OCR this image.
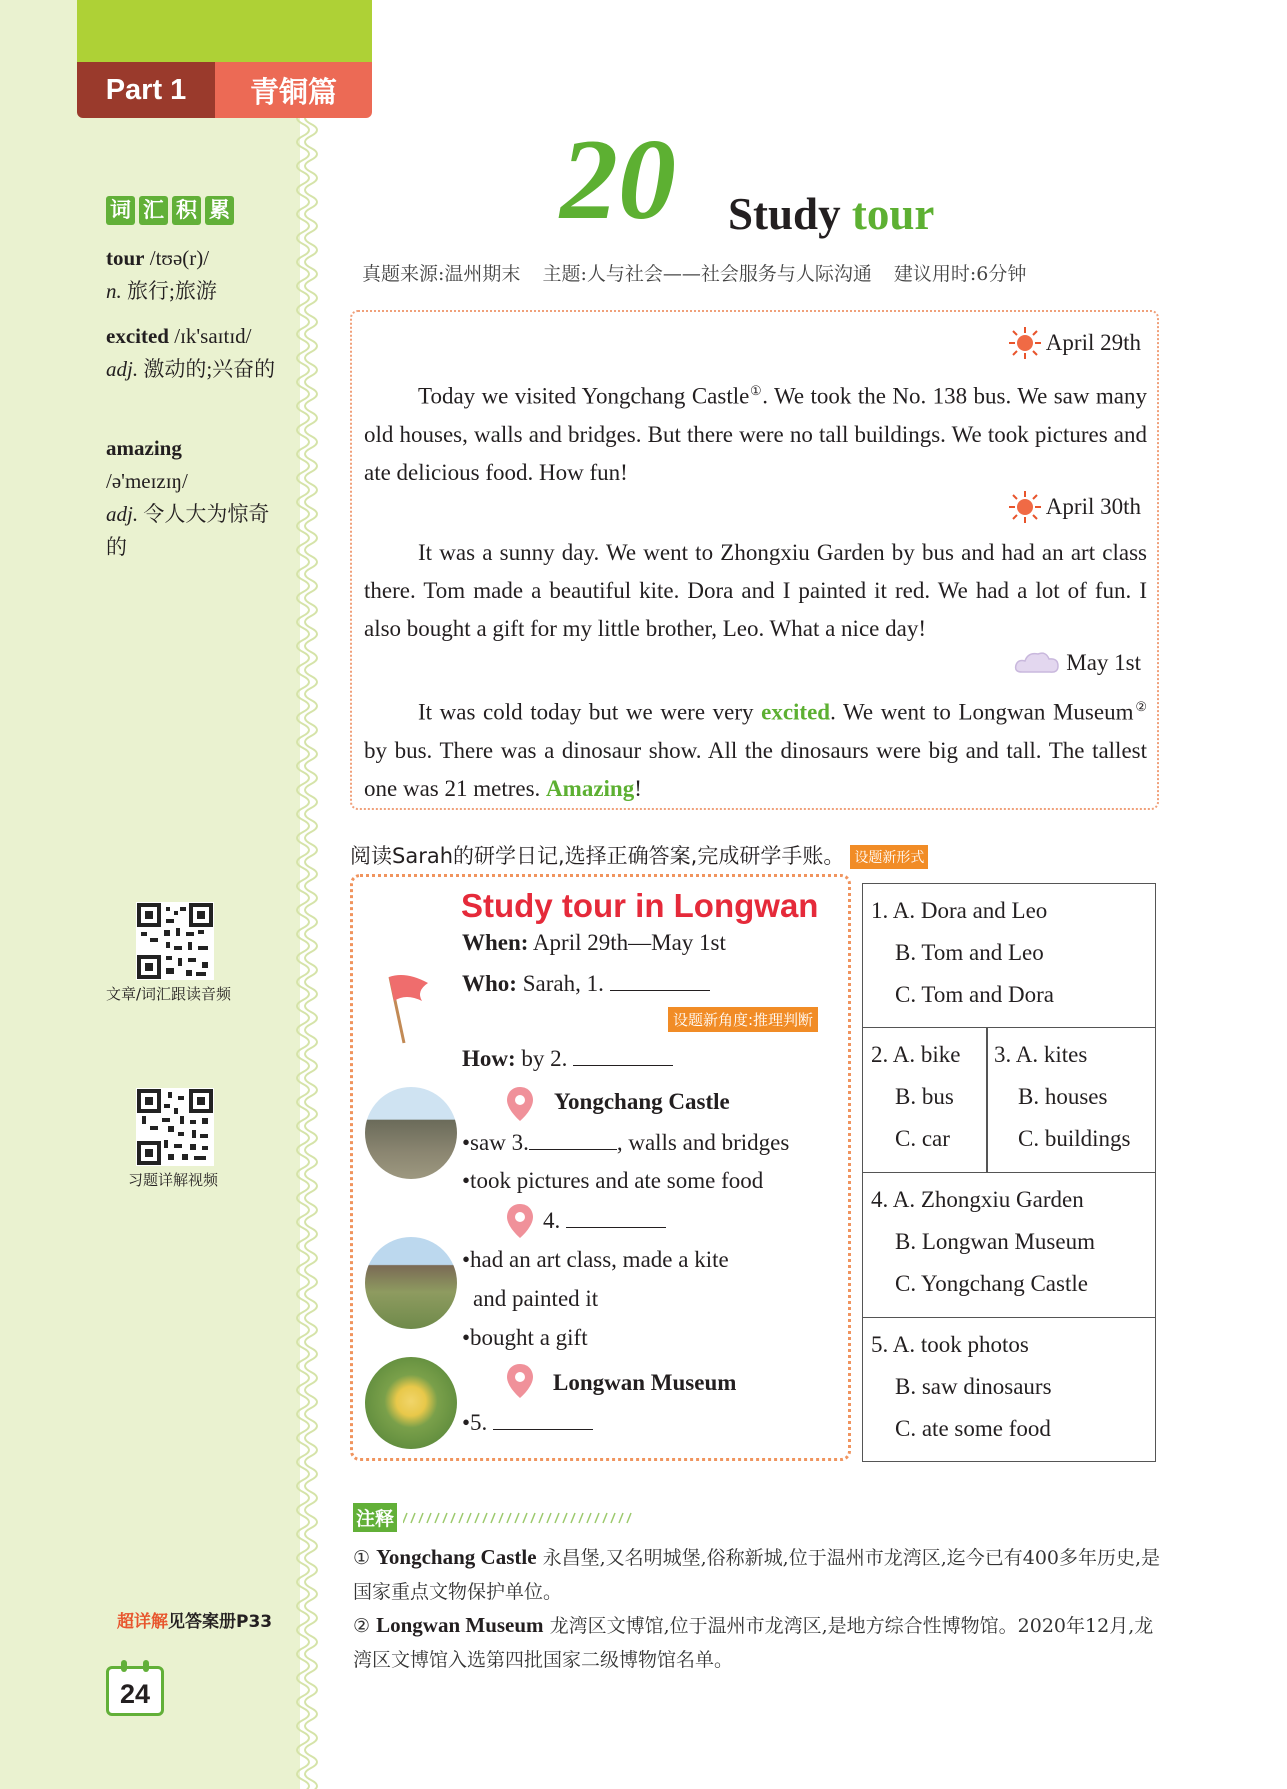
Part 1	青铜篇
词 汇 积 累
tour /tʊə(r)/
n. 旅行;旅游
excited /ɪk'saɪtɪd/
adj. 激动的;兴奋的
amazing
/ə'meɪzɪŋ/
adj. 令人大为惊奇的
文章/词汇跟读音频
习题详解视频
超详解见答案册P33
24
20 Study tour
真题来源:温州期末 主题:人与社会——社会服务与人际沟通 建议用时:6分钟
April 29th
Today we visited Yongchang Castle①. We took the No. 138 bus. We saw many old houses, walls and bridges. But there were no tall buildings. We took pictures and ate delicious food. How fun!
April 30th
It was a sunny day. We went to Zhongxiu Garden by bus and had an art class there. Tom made a beautiful kite. Dora and I painted it red. We had a lot of fun. I also bought a gift for my little brother, Leo. What a nice day!
May 1st
It was cold today but we were very excited. We went to Longwan Museum② by bus. There was a dinosaur show. All the dinosaurs were big and tall. The tallest one was 21 metres. Amazing!
阅读Sarah的研学日记,选择正确答案,完成研学手账。 设题新形式
Study tour in Longwan
When: April 29th—May 1st
Who: Sarah, 1.
设题新角度:推理判断
How: by 2.
Yongchang Castle
•saw 3.	, walls and bridges
•took pictures and ate some food
4.
•had an art class, made a kite
and painted it
•bought a gift
Longwan Museum
•5.
1. A. Dora and Leo
B. Tom and Leo
C. Tom and Dora
2. A. bike
B. bus
C. car
3. A. kites
B. houses
C. buildings
4. A. Zhongxiu Garden
B. Longwan Museum
C. Yongchang Castle
5. A. took photos
B. saw dinosaurs
C. ate some food
注释
① Yongchang Castle 永昌堡,又名明城堡,俗称新城,位于温州市龙湾区,迄今已有400多年历史,是国家重点文物保护单位。
② Longwan Museum 龙湾区文博馆,位于温州市龙湾区,是地方综合性博物馆。2020年12月,龙湾区文博馆入选第四批国家二级博物馆名单。
